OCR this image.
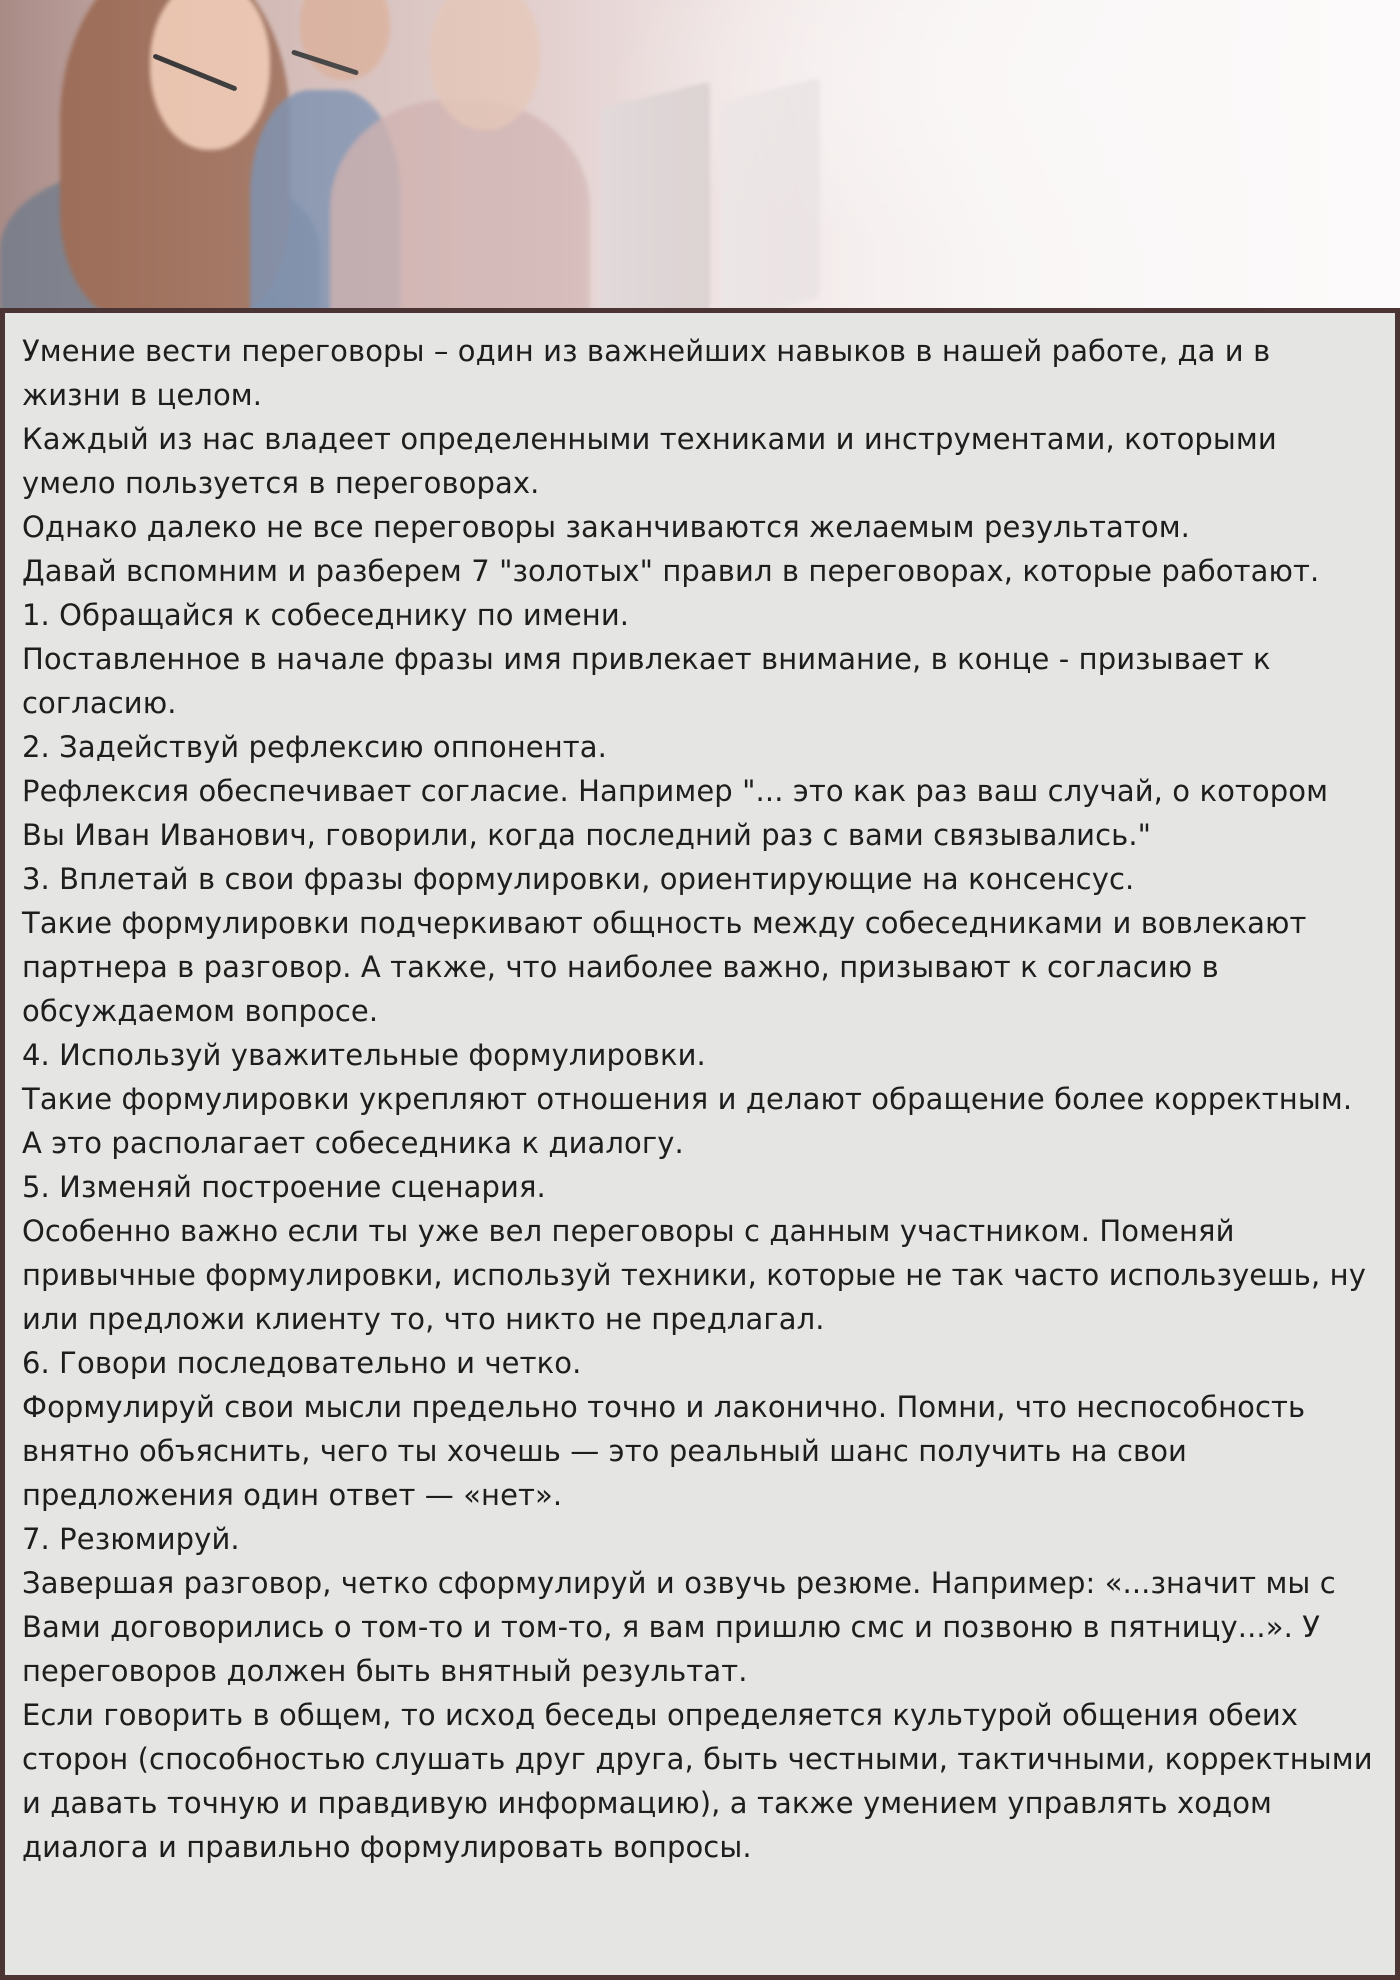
Умение вести переговоры – один из важнейших навыков в нашей работе, да и в жизни в целом.

Каждый из нас владеет определенными техниками и инструментами, которыми умело пользуется в переговорах.

Однако далеко не все переговоры заканчиваются желаемым результатом.

Давай вспомним и разберем 7 "золотых" правил в переговорах, которые работают.

1. Обращайся к собеседнику по имени.

Поставленное в начале фразы имя привлекает внимание, в конце - призывает к согласию.

2. Задействуй рефлексию оппонента.

Рефлексия обеспечивает согласие. Например "... это как раз ваш случай, о котором Вы Иван Иванович, говорили, когда последний раз с вами связывались."

3. Вплетай в свои фразы формулировки, ориентирующие на консенсус.

Такие формулировки подчеркивают общность между собеседниками и вовлекают партнера в разговор. А также, что наиболее важно, призывают к согласию в обсуждаемом вопросе.

4. Используй уважительные формулировки.

Такие формулировки укрепляют отношения и делают обращение более корректным. А это располагает собеседника к диалогу.

5. Изменяй построение сценария.

Особенно важно если ты уже вел переговоры с данным участником. Поменяй привычные формулировки, используй техники, которые не так часто используешь, ну или предложи клиенту то, что никто не предлагал.

6. Говори последовательно и четко.

Формулируй свои мысли предельно точно и лаконично. Помни, что неспособность внятно объяснить, чего ты хочешь — это реальный шанс получить на свои предложения один ответ — «нет».

7. Резюмируй.

Завершая разговор, четко сформулируй и озвучь резюме. Например: «...значит мы с Вами договорились о том-то и том-то, я вам пришлю смс и позвоню в пятницу...». У переговоров должен быть внятный результат.

Если говорить в общем, то исход беседы определяется культурой общения обеих сторон (способностью слушать друг друга, быть честными, тактичными, корректными и давать точную и правдивую информацию), а также умением управлять ходом диалога и правильно формулировать вопросы.
